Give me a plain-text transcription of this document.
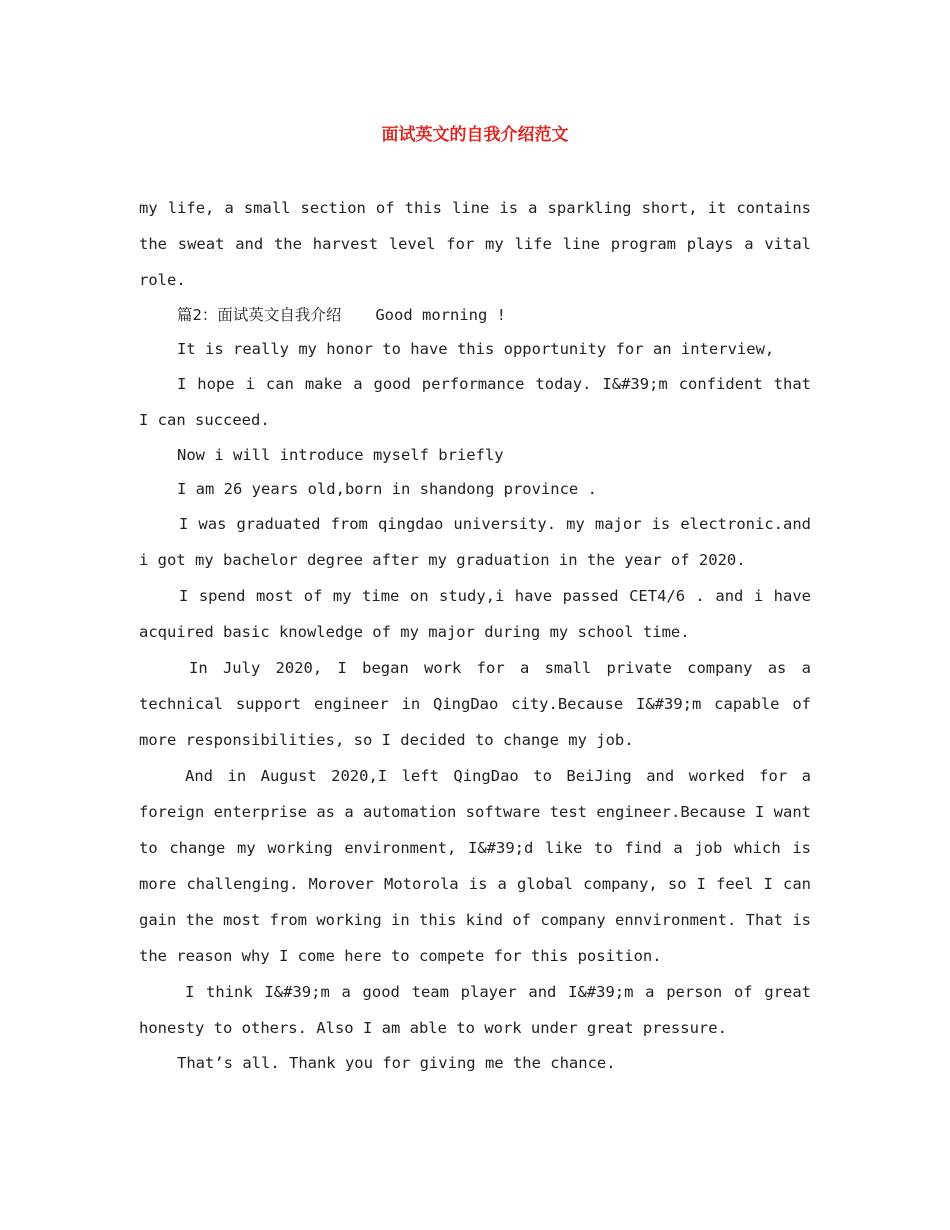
面试英文的自我介绍范文

my life, a small section of this line is a sparkling short, it contains the sweat and the harvest level for my life line program plays a vital role.

篇2：面试英文自我介绍 Good morning !

It is really my honor to have this opportunity for an interview,

I hope i can make a good performance today. I&#39;m confident that I can succeed.

Now i will introduce myself briefly

I am 26 years old,born in shandong province .

I was graduated from qingdao university. my major is electronic.and i got my bachelor degree after my graduation in the year of 2020.

I spend most of my time on study,i have passed CET4/6 . and i have acquired basic knowledge of my major during my school time.

In July 2020, I began work for a small private company as a technical support engineer in QingDao city.Because I&#39;m capable of more responsibilities, so I decided to change my job.

And in August 2020,I left QingDao to BeiJing and worked for a foreign enterprise as a automation software test engineer.Because I want to change my working environment, I&#39;d like to find a job which is more challenging. Morover Motorola is a global company, so I feel I can gain the most from working in this kind of company ennvironment. That is the reason why I come here to compete for this position.

I think I&#39;m a good team player and I&#39;m a person of great honesty to others. Also I am able to work under great pressure.

That’s all. Thank you for giving me the chance.
